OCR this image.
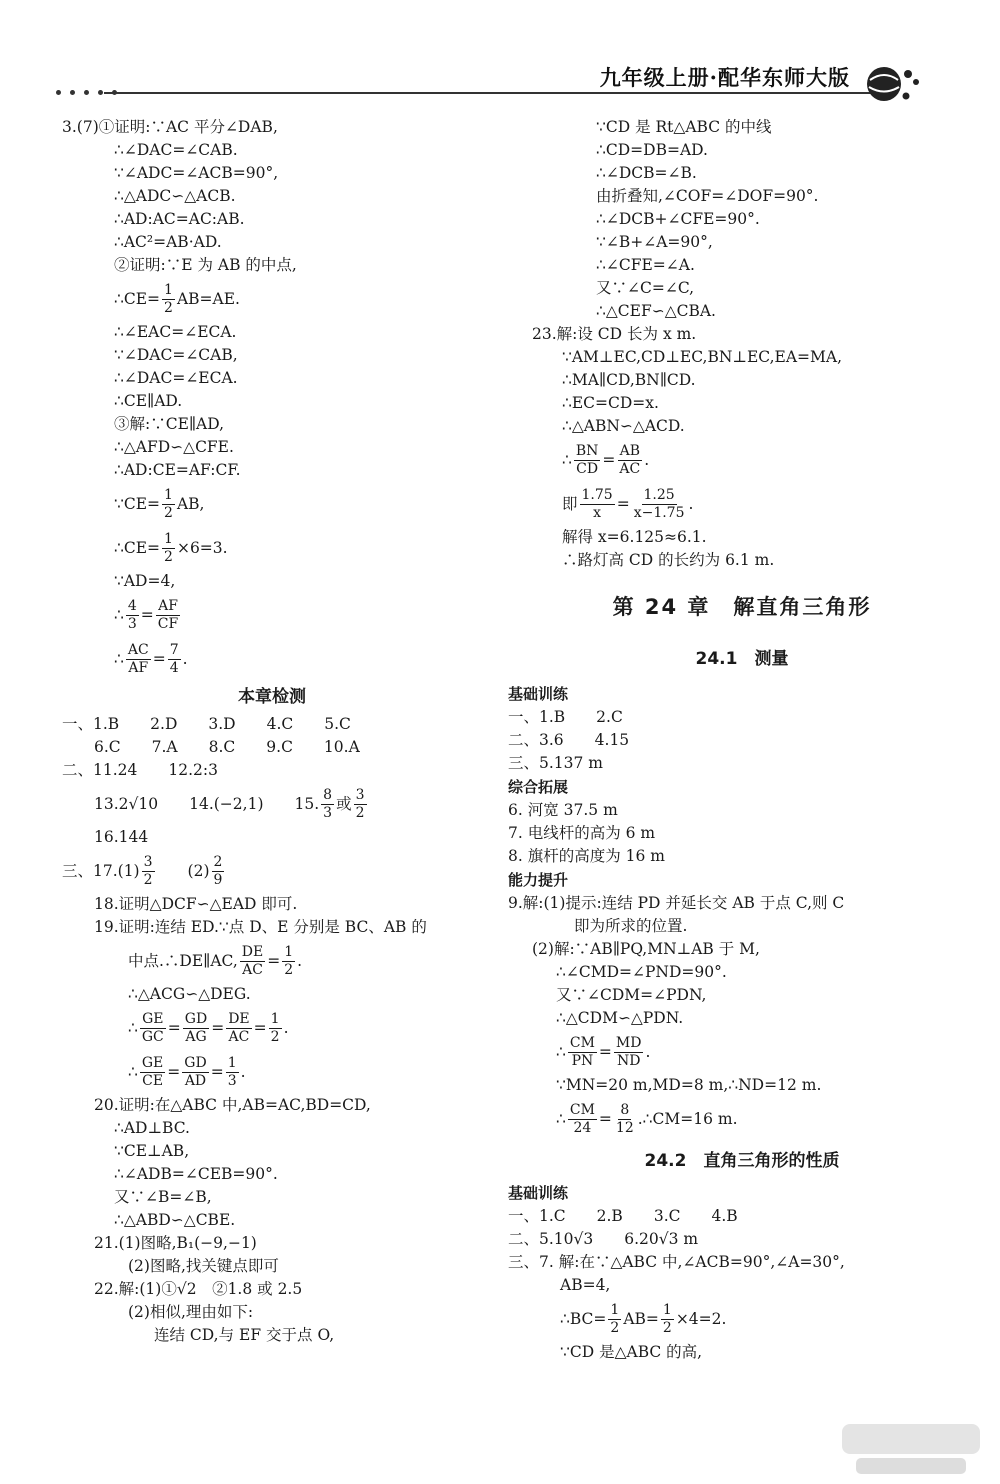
九年级上册·配华东师大版
3.(7)①证明:∵AC 平分∠DAB,
∴∠DAC=∠CAB.
∵∠ADC=∠ACB=90°,
∴△ADC∽△ACB.
∴AD:AC=AC:AB.
∴AC²=AB·AD.
②证明:∵E 为 AB 的中点,
∴CE= $\frac{1}{2} AB=AE$.
∴∠EAC=∠ECA.
∵∠DAC=∠CAB,
∴∠DAC=∠ECA.
∴CE∥AD.
③解:∵CE∥AD,
∴△AFD∽△CFE.
∴AD:CE=AF:CF.
∵CE= $\frac{1}{2}$ AB,
∴CE= $\frac{1}{2} \times 6=3$.
∵AD=4,
∴ $\frac{4}{3} = \frac{AF}{CF}$
∴ $\frac{AC}{AF} = \frac{7}{4}$ .
本章检测
一、1.B　　2.D　　3.D　　4.C　　5.C
6.C　　7.A　　8.C　　9.C　　10.A
二、11.24　　12.2:3
13.2√10　　14.(−2,1)　　15. $\frac{8}{3}$ 或 $\frac{3}{2}$
16.144
三、$17.(1) \frac{3}{2}$ 　　$(2) \frac{2}{9}$
18.证明△DCF∽△EAD 即可.
19.证明:连结 ED.∵点 D、E 分别是 BC、AB 的
中点.∴DE∥AC, $\frac{DE}{AC} = \frac{1}{2}$ .
∴△ACG∽△DEG.
∴ $\frac{GE}{GC} = \frac{GD}{AG} = \frac{DE}{AC} = \frac{1}{2}$ .
∴ $\frac{GE}{CE} = \frac{GD}{AD} = \frac{1}{3}$ .
20.证明:在△ABC 中,AB=AC,BD=CD,
∴AD⊥BC.
∵CE⊥AB,
∴∠ADB=∠CEB=90°.
又∵∠B=∠B,
∴△ABD∽△CBE.
21.(1)图略,B₁(−9,−1)
(2)图略,找关键点即可
22.解:(1)①√2　②1.8 或 2.5
(2)相似,理由如下:
连结 CD,与 EF 交于点 O,
∵CD 是 Rt△ABC 的中线
∴CD=DB=AD.
∴∠DCB=∠B.
由折叠知,∠COF=∠DOF=90°.
∴∠DCB+∠CFE=90°.
∵∠B+∠A=90°,
∴∠CFE=∠A.
又∵∠C=∠C,
∴△CEF∽△CBA.
23.解:设 CD 长为 x m.
∵AM⊥EC,CD⊥EC,BN⊥EC,EA=MA,
∴MA∥CD,BN∥CD.
∴EC=CD=x.
∴△ABN∽△ACD.
∴ $\frac{BN}{CD} = \frac{AB}{AC}$ .
即 $\frac{1.75}{x} = \frac{1.25}{x-1.75}$ .
解得 x=6.125≈6.1.
∴路灯高 CD 的长约为 6.1 m.
第 24 章　解直角三角形
24.1　测量
基础训练
一、1.B　　2.C
二、3.6　　4.15
三、5.137 m
综合拓展
6. 河宽 37.5 m
7. 电线杆的高为 6 m
8. 旗杆的高度为 16 m
能力提升
9.解:(1)提示:连结 PD 并延长交 AB 于点 C,则 C
即为所求的位置.
(2)解:∵AB∥PQ,MN⊥AB 于 M,
∴∠CMD=∠PND=90°.
又∵∠CDM=∠PDN,
∴△CDM∽△PDN.
∴ $\frac{CM}{PN} = \frac{MD}{ND}$ .
∵MN=20 m,MD=8 m,∴ND=12 m.
∴ $\frac{CM}{24} = \frac{8}{12}$ .∴CM=16 m.
24.2　直角三角形的性质
基础训练
一、1.C　　2.B　　3.C　　4.B
二、5.10√3　　6.20√3 m
三、7. 解:在∵△ABC 中,∠ACB=90°,∠A=30°,
AB=4,
∴BC= $\frac{1}{2} AB= \frac{1}{2} \times 4=2$.
∵CD 是△ABC 的高,
